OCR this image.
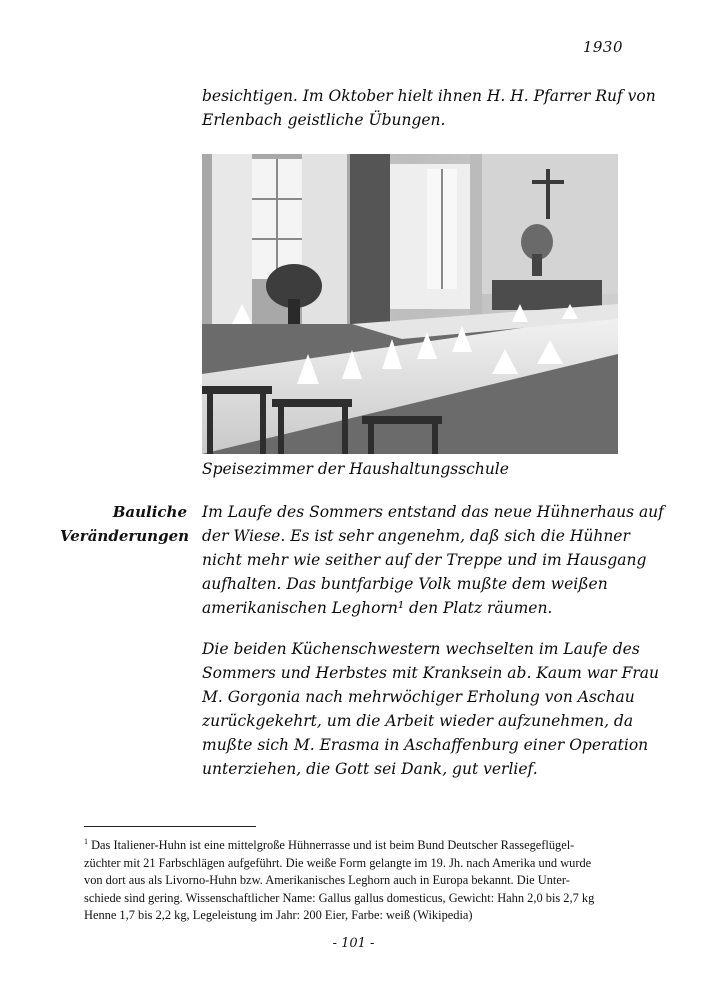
1930
besichtigen. Im Oktober hielt ihnen H. H. Pfarrer Ruf von
Erlenbach geistliche Übungen.
Speisezimmer der Haushaltungsschule
Bauliche
Veränderungen
Im Laufe des Sommers entstand das neue Hühnerhaus auf
der Wiese. Es ist sehr angenehm, daß sich die Hühner
nicht mehr wie seither auf der Treppe und im Hausgang
aufhalten. Das buntfarbige Volk mußte dem weißen
amerikanischen Leghorn¹ den Platz räumen.
Die beiden Küchenschwestern wechselten im Laufe des
Sommers und Herbstes mit Kranksein ab. Kaum war Frau
M. Gorgonia nach mehrwöchiger Erholung von Aschau
zurückgekehrt, um die Arbeit wieder aufzunehmen, da
mußte sich M. Erasma in Aschaffenburg einer Operation
unterziehen, die Gott sei Dank, gut verlief.
$^1$ Das Italiener-Huhn ist eine mittelgroße Hühnerrasse und ist beim Bund Deutscher Rassegeflügel-
züchter mit 21 Farbschlägen aufgeführt. Die weiße Form gelangte im 19. Jh. nach Amerika und wurde
von dort aus als Livorno-Huhn bzw. Amerikanisches Leghorn auch in Europa bekannt. Die Unter-
schiede sind gering. Wissenschaftlicher Name: Gallus gallus domesticus, Gewicht: Hahn 2,0 bis 2,7 kg
Henne 1,7 bis 2,2 kg, Legeleistung im Jahr: 200 Eier, Farbe: weiß (Wikipedia)
- 101 -
